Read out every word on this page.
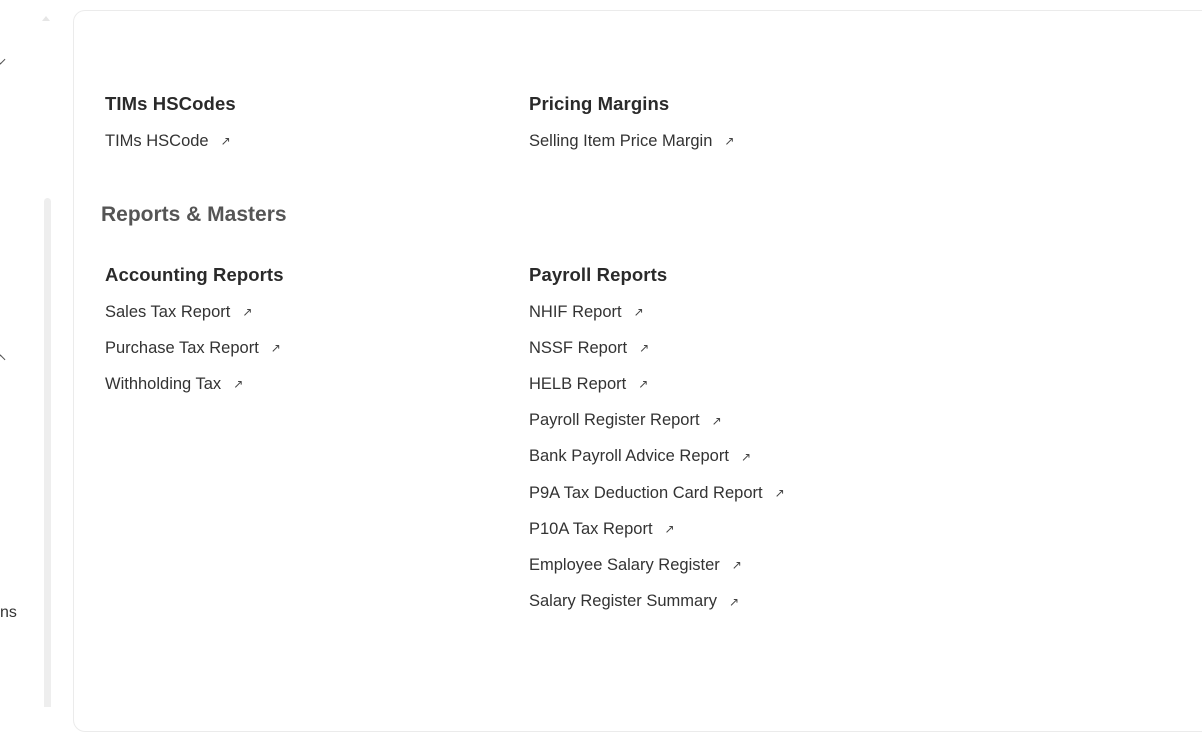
ns
TIMs HSCodes
TIMs HSCode ↗
Pricing Margins
Selling Item Price Margin ↗
Reports & Masters
Accounting Reports
Sales Tax Report ↗
Purchase Tax Report ↗
Withholding Tax ↗
Payroll Reports
NHIF Report ↗
NSSF Report ↗
HELB Report ↗
Payroll Register Report ↗
Bank Payroll Advice Report ↗
P9A Tax Deduction Card Report ↗
P10A Tax Report ↗
Employee Salary Register ↗
Salary Register Summary ↗
